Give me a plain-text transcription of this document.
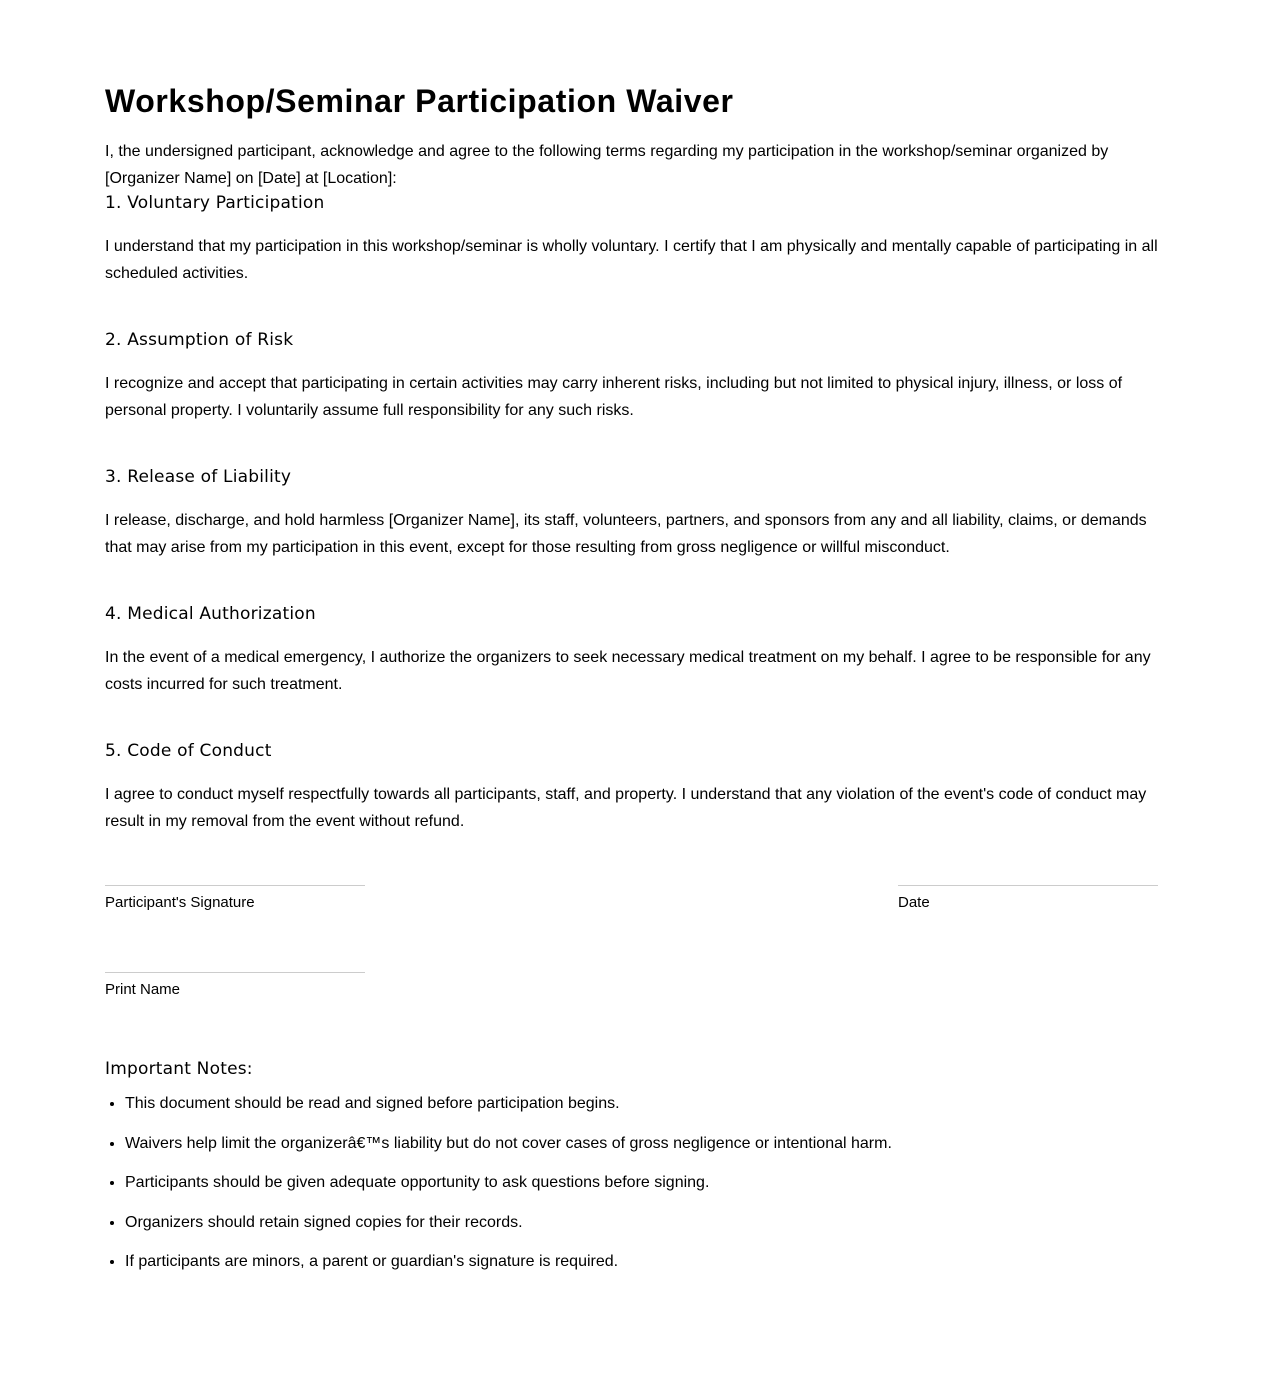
Workshop/Seminar Participation Waiver

I, the undersigned participant, acknowledge and agree to the following terms regarding my participation in the workshop/seminar organized by [Organizer Name] on [Date] at [Location]:

1. Voluntary Participation

I understand that my participation in this workshop/seminar is wholly voluntary. I certify that I am physically and mentally capable of participating in all scheduled activities.

2. Assumption of Risk

I recognize and accept that participating in certain activities may carry inherent risks, including but not limited to physical injury, illness, or loss of personal property. I voluntarily assume full responsibility for any such risks.

3. Release of Liability

I release, discharge, and hold harmless [Organizer Name], its staff, volunteers, partners, and sponsors from any and all liability, claims, or demands that may arise from my participation in this event, except for those resulting from gross negligence or willful misconduct.

4. Medical Authorization

In the event of a medical emergency, I authorize the organizers to seek necessary medical treatment on my behalf. I agree to be responsible for any costs incurred for such treatment.

5. Code of Conduct

I agree to conduct myself respectfully towards all participants, staff, and property. I understand that any violation of the event's code of conduct may result in my removal from the event without refund.

Participant's Signature	Date
Print Name
Important Notes:
• This document should be read and signed before participation begins.
• Waivers help limit the organizerâ€™s liability but do not cover cases of gross negligence or intentional harm.
• Participants should be given adequate opportunity to ask questions before signing.
• Organizers should retain signed copies for their records.
• If participants are minors, a parent or guardian's signature is required.
